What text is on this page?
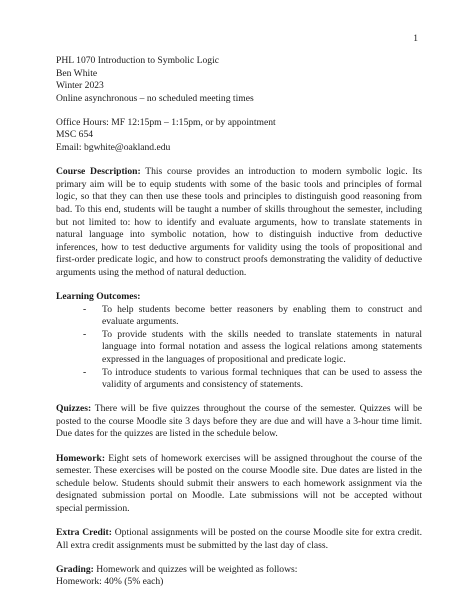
1
PHL 1070 Introduction to Symbolic Logic
Ben White
Winter 2023
Online asynchronous – no scheduled meeting times
Office Hours: MF 12:15pm – 1:15pm, or by appointment
MSC 654
Email: bgwhite@oakland.edu
Course Description: This course provides an introduction to modern symbolic logic. Its primary aim will be to equip students with some of the basic tools and principles of formal logic, so that they can then use these tools and principles to distinguish good reasoning from bad. To this end, students will be taught a number of skills throughout the semester, including but not limited to: how to identify and evaluate arguments, how to translate statements in natural language into symbolic notation, how to distinguish inductive from deductive inferences, how to test deductive arguments for validity using the tools of propositional and first-order predicate logic, and how to construct proofs demonstrating the validity of deductive arguments using the method of natural deduction.
Learning Outcomes:
- To help students become better reasoners by enabling them to construct and evaluate arguments.
- To provide students with the skills needed to translate statements in natural language into formal notation and assess the logical relations among statements expressed in the languages of propositional and predicate logic.
- To introduce students to various formal techniques that can be used to assess the validity of arguments and consistency of statements.
Quizzes: There will be five quizzes throughout the course of the semester. Quizzes will be posted to the course Moodle site 3 days before they are due and will have a 3-hour time limit. Due dates for the quizzes are listed in the schedule below.
Homework: Eight sets of homework exercises will be assigned throughout the course of the semester. These exercises will be posted on the course Moodle site. Due dates are listed in the schedule below. Students should submit their answers to each homework assignment via the designated submission portal on Moodle. Late submissions will not be accepted without special permission.
Extra Credit: Optional assignments will be posted on the course Moodle site for extra credit. All extra credit assignments must be submitted by the last day of class.
Grading: Homework and quizzes will be weighted as follows:
Homework: 40% (5% each)
